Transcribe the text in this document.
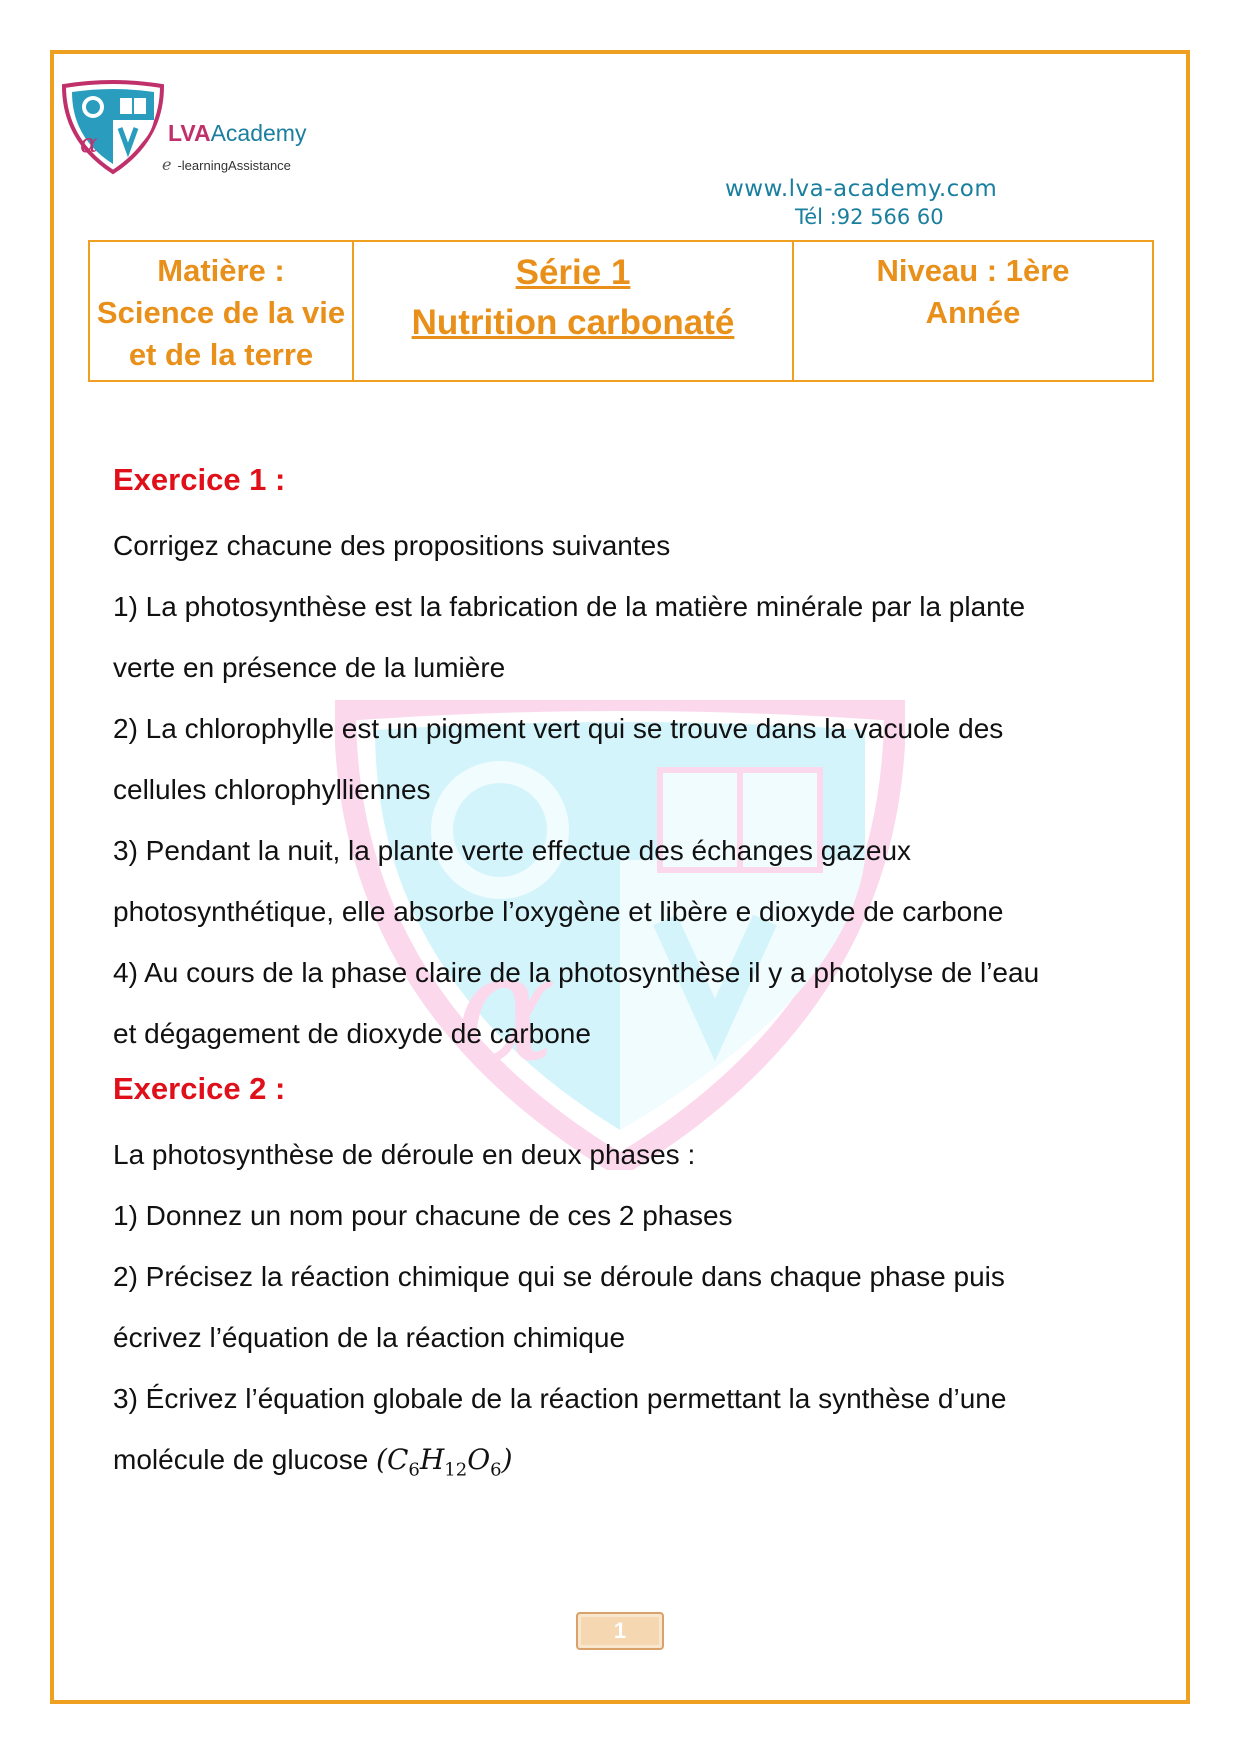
α	LVAAcademy
e -learningAssistance
www.lva-academy.com
Tél :92 566 60
Matière :
Science de la vie
et de la terre

Série 1
Nutrition carbonaté

Niveau : 1ère
Année
α
Exercice 1 :
Corrigez chacune des propositions suivantes
1) La photosynthèse est la fabrication de la matière minérale par la plante
verte en présence de la lumière
2) La chlorophylle est un pigment vert qui se trouve dans la vacuole des
cellules chlorophylliennes
3) Pendant la nuit, la plante verte effectue des échanges gazeux
photosynthétique, elle absorbe l’oxygène et libère e dioxyde de carbone
4) Au cours de la phase claire de la photosynthèse il y a photolyse de l’eau
et dégagement de dioxyde de carbone
Exercice 2 :
La photosynthèse de déroule en deux phases :
1) Donnez un nom pour chacune de ces 2 phases
2) Précisez la réaction chimique qui se déroule dans chaque phase puis
écrivez l’équation de la réaction chimique
3) Écrivez l’équation globale de la réaction permettant la synthèse d’une
molécule de glucose $(C_6H_{12}O_6)$
1
